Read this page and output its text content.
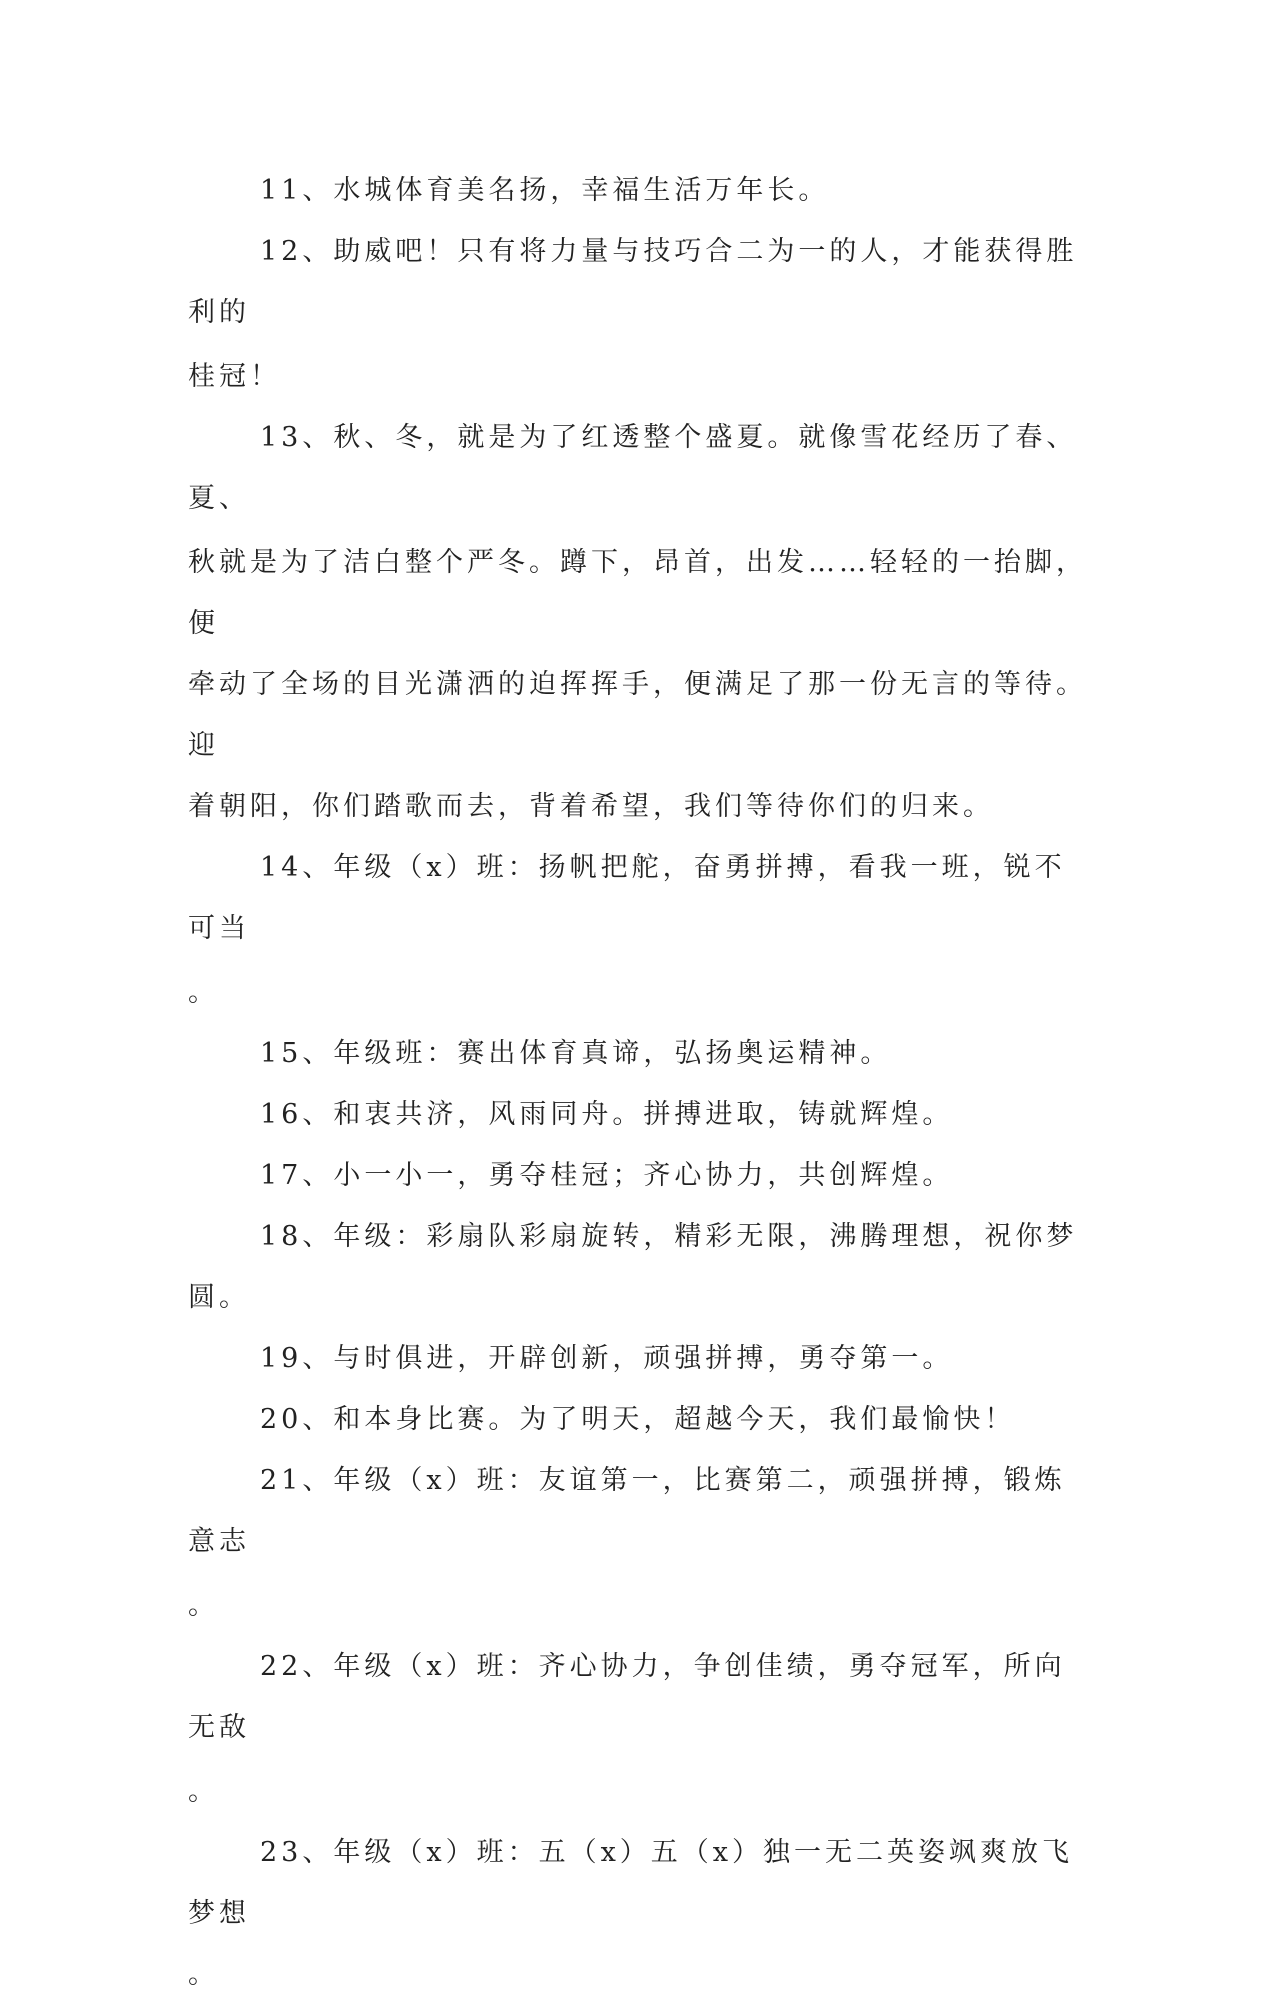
11、水城体育美名扬，幸福生活万年长。
12、助威吧！只有将力量与技巧合二为一的人，才能获得胜利的
桂冠！
13、秋、冬，就是为了红透整个盛夏。就像雪花经历了春、夏、
秋就是为了洁白整个严冬。蹲下，昂首，出发……轻轻的一抬脚，便
牵动了全场的目光潇洒的迫挥挥手，便满足了那一份无言的等待。迎
着朝阳，你们踏歌而去，背着希望，我们等待你们的归来。
14、年级（x）班：扬帆把舵，奋勇拼搏，看我一班，锐不可当
。
15、年级班：赛出体育真谛，弘扬奥运精神。
16、和衷共济，风雨同舟。拼搏进取，铸就辉煌。
17、小一小一，勇夺桂冠；齐心协力，共创辉煌。
18、年级：彩扇队彩扇旋转，精彩无限，沸腾理想，祝你梦圆。
19、与时俱进，开辟创新，顽强拼搏，勇夺第一。
20、和本身比赛。为了明天，超越今天，我们最愉快！
21、年级（x）班：友谊第一，比赛第二，顽强拼搏，锻炼意志
。
22、年级（x）班：齐心协力，争创佳绩，勇夺冠军，所向无敌
。
23、年级（x）班：五（x）五（x）独一无二英姿飒爽放飞梦想
。
